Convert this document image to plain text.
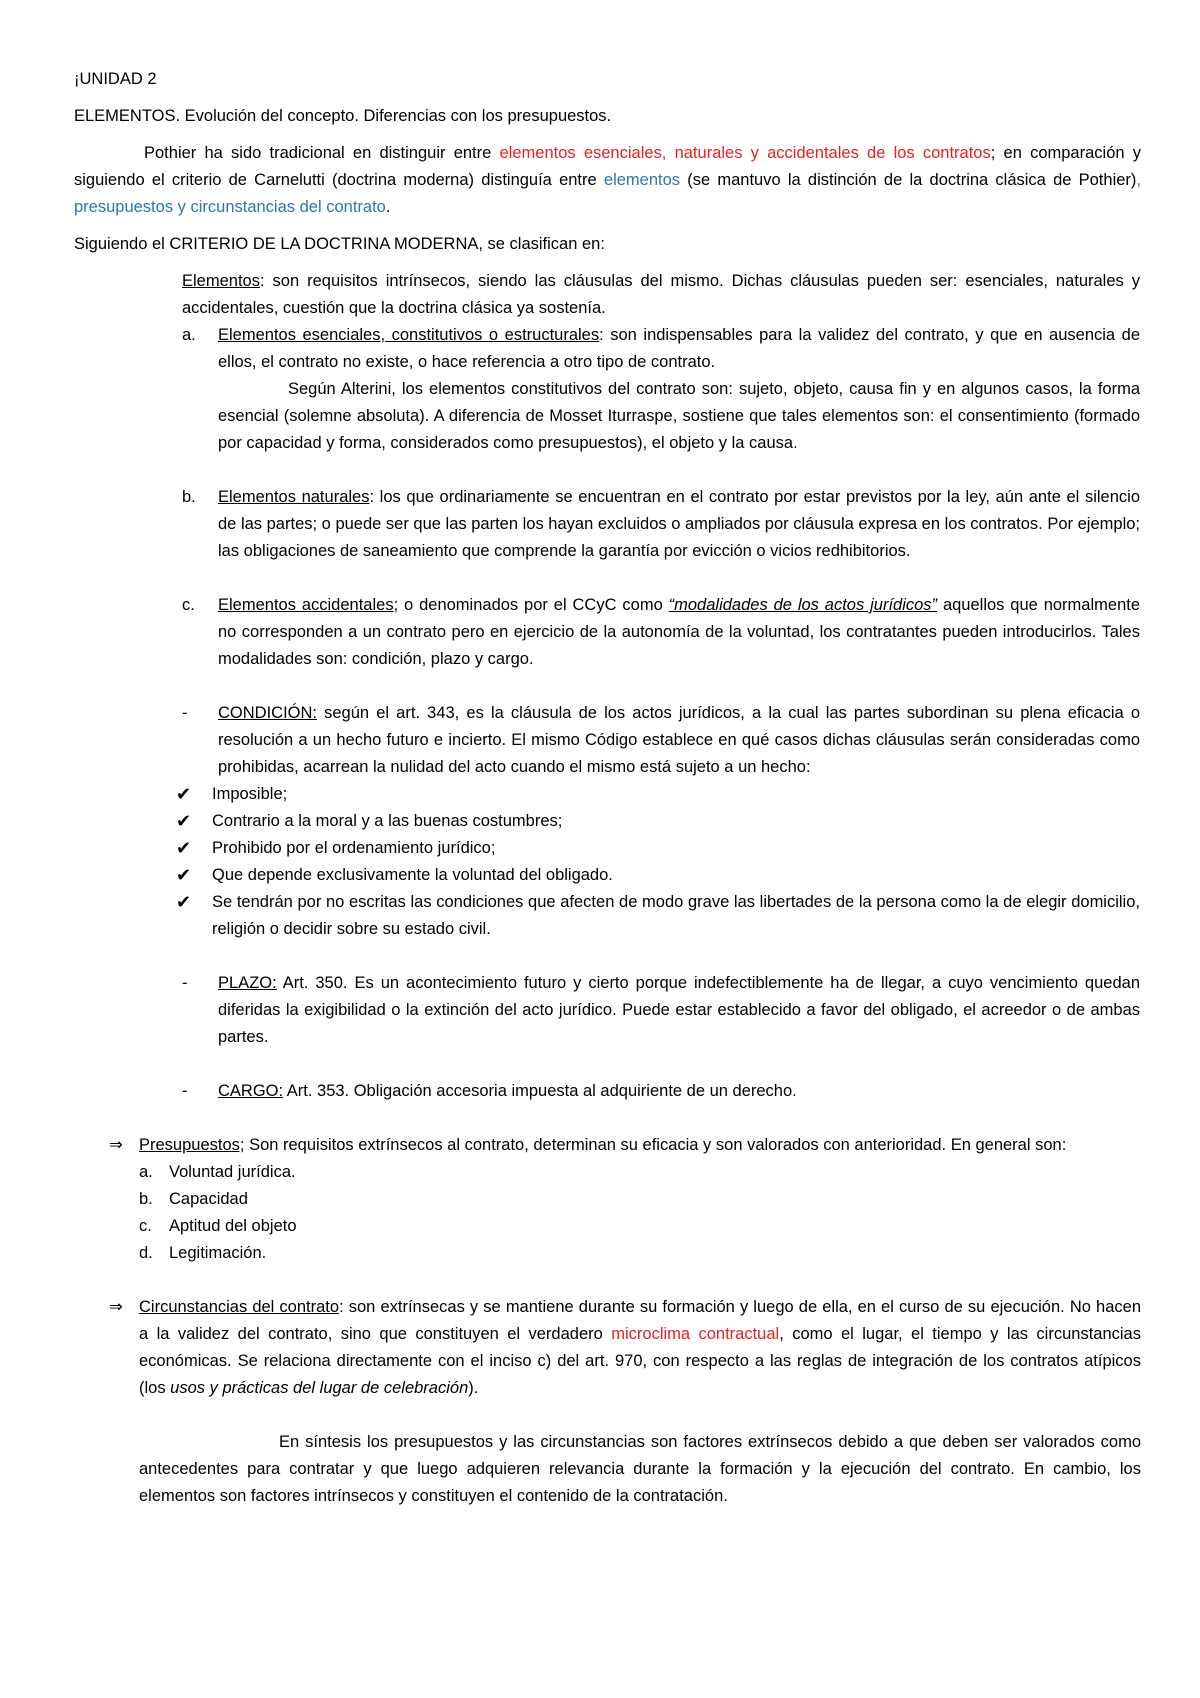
¡UNIDAD 2

ELEMENTOS. Evolución del concepto. Diferencias con los presupuestos.

Pothier ha sido tradicional en distinguir entre elementos esenciales, naturales y accidentales de los contratos; en comparación y siguiendo el criterio de Carnelutti (doctrina moderna) distinguía entre elementos (se mantuvo la distinción de la doctrina clásica de Pothier), presupuestos y circunstancias del contrato.

Siguiendo el CRITERIO DE LA DOCTRINA MODERNA, se clasifican en:

Elementos: son requisitos intrínsecos, siendo las cláusulas del mismo. Dichas cláusulas pueden ser: esenciales, naturales y accidentales, cuestión que la doctrina clásica ya sostenía.

a.	Elementos esenciales, constitutivos o estructurales: son indispensables para la validez del contrato, y que en ausencia de ellos, el contrato no existe, o hace referencia a otro tipo de contrato.

Según Alterini, los elementos constitutivos del contrato son: sujeto, objeto, causa fin y en algunos casos, la forma esencial (solemne absoluta). A diferencia de Mosset Iturraspe, sostiene que tales elementos son: el consentimiento (formado por capacidad y forma, considerados como presupuestos), el objeto y la causa.

b.	Elementos naturales: los que ordinariamente se encuentran en el contrato por estar previstos por la ley, aún ante el silencio de las partes; o puede ser que las parten los hayan excluidos o ampliados por cláusula expresa en los contratos. Por ejemplo; las obligaciones de saneamiento que comprende la garantía por evicción o vicios redhibitorios.

c.	Elementos accidentales; o denominados por el CCyC como “modalidades de los actos jurídicos” aquellos que normalmente no corresponden a un contrato pero en ejercicio de la autonomía de la voluntad, los contratantes pueden introducirlos. Tales modalidades son: condición, plazo y cargo.

-	CONDICIÓN: según el art. 343, es la cláusula de los actos jurídicos, a la cual las partes subordinan su plena eficacia o resolución a un hecho futuro e incierto. El mismo Código establece en qué casos dichas cláusulas serán consideradas como prohibidas, acarrean la nulidad del acto cuando el mismo está sujeto a un hecho:

✔	Imposible;

✔	Contrario a la moral y a las buenas costumbres;

✔	Prohibido por el ordenamiento jurídico;

✔	Que depende exclusivamente la voluntad del obligado.

✔	Se tendrán por no escritas las condiciones que afecten de modo grave las libertades de la persona como la de elegir domicilio, religión o decidir sobre su estado civil.

-	PLAZO: Art. 350. Es un acontecimiento futuro y cierto porque indefectiblemente ha de llegar, a cuyo vencimiento quedan diferidas la exigibilidad o la extinción del acto jurídico. Puede estar establecido a favor del obligado, el acreedor o de ambas partes.

-	CARGO: Art. 353. Obligación accesoria impuesta al adquiriente de un derecho.

⇒ Presupuestos; Son requisitos extrínsecos al contrato, determinan su eficacia y son valorados con anterioridad. En general son:

a. Voluntad jurídica.
b. Capacidad
c. Aptitud del objeto
d. Legitimación.
⇒ Circunstancias del contrato: son extrínsecas y se mantiene durante su formación y luego de ella, en el curso de su ejecución. No hacen a la validez del contrato, sino que constituyen el verdadero microclima contractual, como el lugar, el tiempo y las circunstancias económicas. Se relaciona directamente con el inciso c) del art. 970, con respecto a las reglas de integración de los contratos atípicos (los usos y prácticas del lugar de celebración).

En síntesis los presupuestos y las circunstancias son factores extrínsecos debido a que deben ser valorados como antecedentes para contratar y que luego adquieren relevancia durante la formación y la ejecución del contrato. En cambio, los elementos son factores intrínsecos y constituyen el contenido de la contratación.
